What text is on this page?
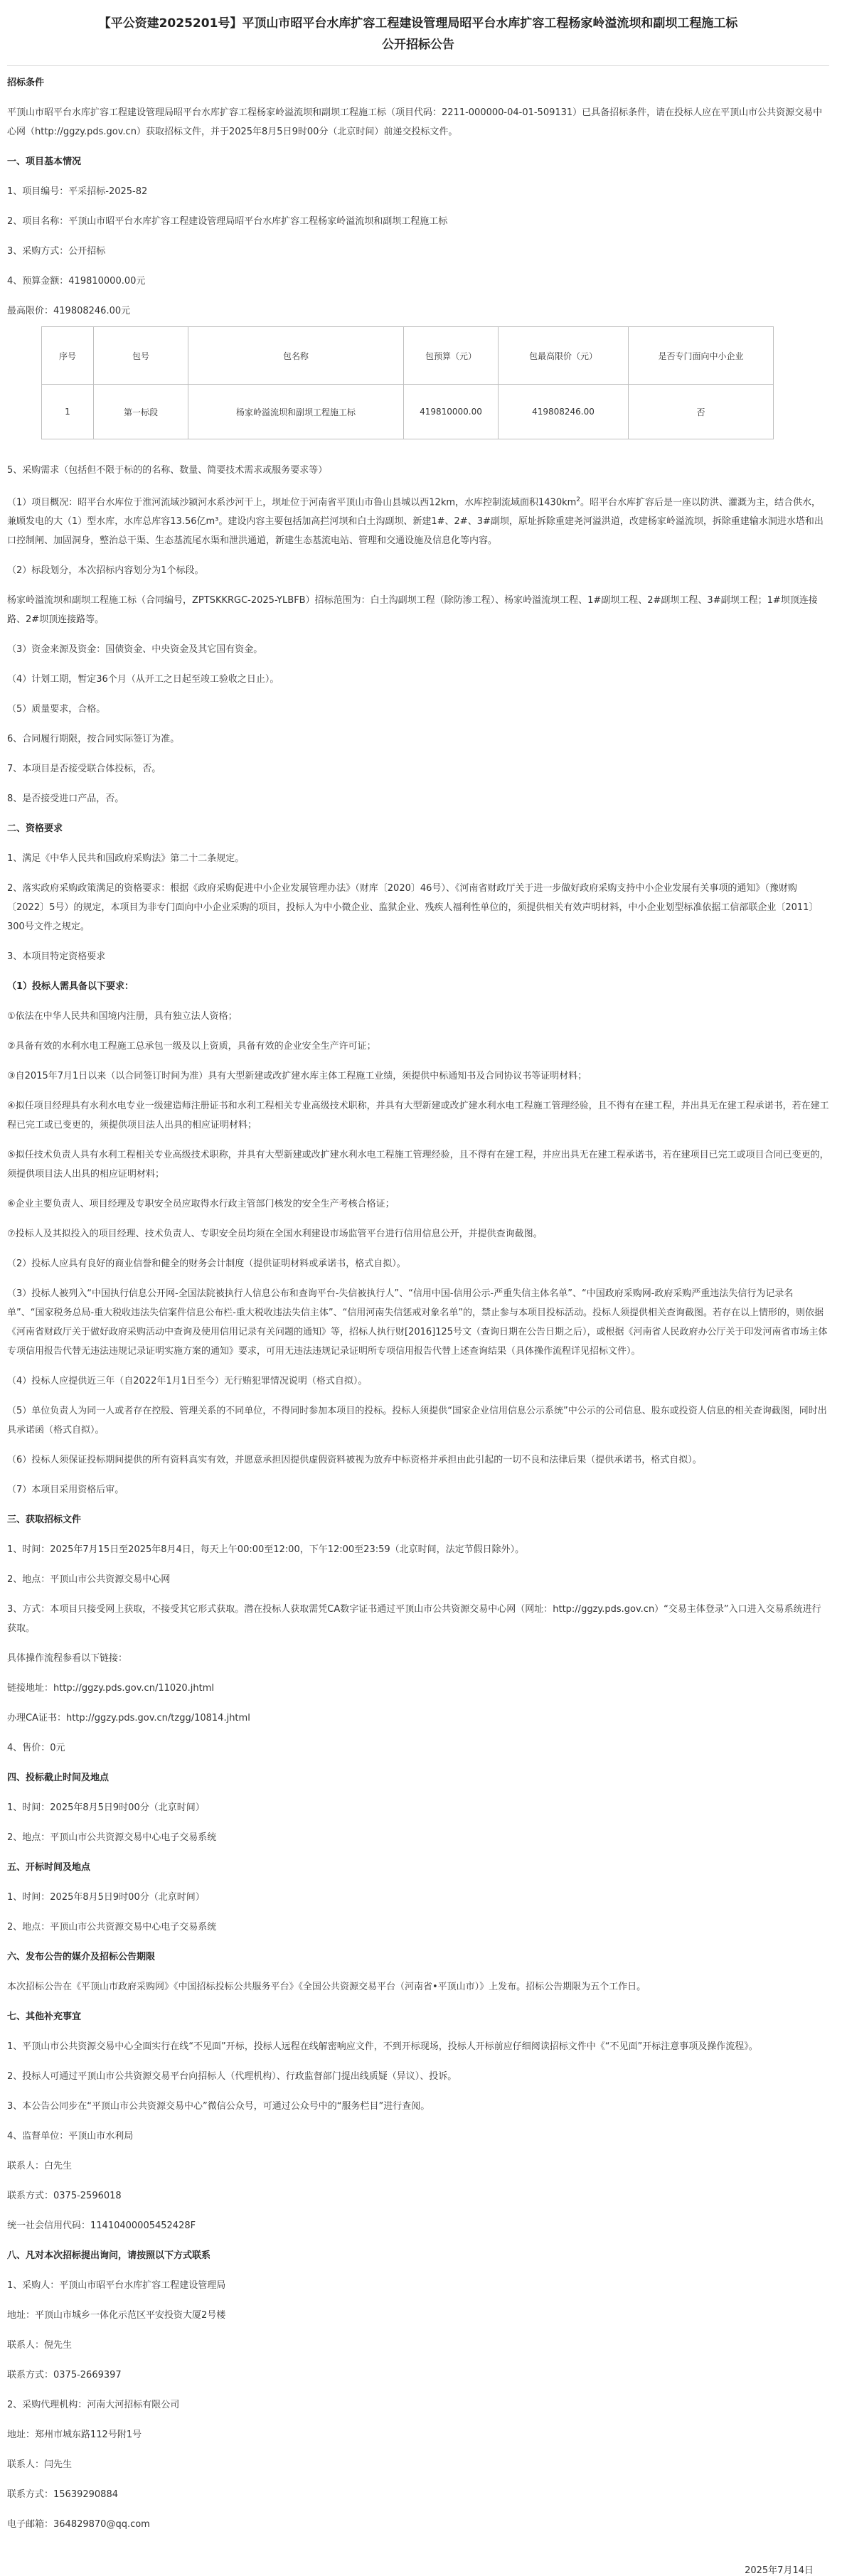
【平公资建2025201号】平顶山市昭平台水库扩容工程建设管理局昭平台水库扩容工程杨家岭溢流坝和副坝工程施工标
公开招标公告
招标条件
平顶山市昭平台水库扩容工程建设管理局昭平台水库扩容工程杨家岭溢流坝和副坝工程施工标（项目代码：2211-000000-04-01-509131）已具备招标条件，请在投标人应在平顶山市公共资源交易中心网（http://ggzy.pds.gov.cn）获取招标文件，并于2025年8月5日9时00分（北京时间）前递交投标文件。
一、项目基本情况
1、项目编号：平采招标-2025-82
2、项目名称：平顶山市昭平台水库扩容工程建设管理局昭平台水库扩容工程杨家岭溢流坝和副坝工程施工标
3、采购方式：公开招标
4、预算金额：419810000.00元
最高限价：419808246.00元
序号	包号	包名称	包预算（元）	包最高限价（元）	是否专门面向中小企业
1	第一标段	杨家岭溢流坝和副坝工程施工标	419810000.00	419808246.00	否
5、采购需求（包括但不限于标的的名称、数量、简要技术需求或服务要求等）
（1）项目概况：昭平台水库位于淮河流域沙颍河水系沙河干上，坝址位于河南省平顶山市鲁山县城以西12km，水库控制流域面积$1430km^2$。昭平台水库扩容后是一座以防洪、灌溉为主，结合供水，兼顾发电的大（1）型水库，水库总库容13.56亿m³。建设内容主要包括加高拦河坝和白土沟副坝、新建1#、2#、3#副坝，原址拆除重建尧河溢洪道，改建杨家岭溢流坝，拆除重建输水洞进水塔和出口控制闸、加固洞身，整治总干渠、生态基流尾水渠和泄洪通道，新建生态基流电站、管理和交通设施及信息化等内容。
（2）标段划分，本次招标内容划分为1个标段。
杨家岭溢流坝和副坝工程施工标（合同编号，ZPTSKKRGC-2025-YLBFB）招标范围为：白土沟副坝工程（除防渗工程）、杨家岭溢流坝工程、1#副坝工程、2#副坝工程、3#副坝工程；1#坝顶连接路、2#坝顶连接路等。
（3）资金来源及资金：国债资金、中央资金及其它国有资金。
（4）计划工期，暂定36个月（从开工之日起至竣工验收之日止）。
（5）质量要求，合格。
6、合同履行期限，按合同实际签订为准。
7、本项目是否接受联合体投标，否。
8、是否接受进口产品，否。
二、资格要求
1、满足《中华人民共和国政府采购法》第二十二条规定。
2、落实政府采购政策满足的资格要求：根据《政府采购促进中小企业发展管理办法》（财库〔2020〕46号）、《河南省财政厅关于进一步做好政府采购支持中小企业发展有关事项的通知》（豫财购〔2022〕5号）的规定，本项目为非专门面向中小企业采购的项目，投标人为中小微企业、监狱企业、残疾人福利性单位的，须提供相关有效声明材料，中小企业划型标准依据工信部联企业〔2011〕300号文件之规定。
3、本项目特定资格要求
（1）投标人需具备以下要求：
①依法在中华人民共和国境内注册，具有独立法人资格；
②具备有效的水利水电工程施工总承包一级及以上资质，具备有效的企业安全生产许可证；
③自2015年7月1日以来（以合同签订时间为准）具有大型新建或改扩建水库主体工程施工业绩，须提供中标通知书及合同协议书等证明材料；
④拟任项目经理具有水利水电专业一级建造师注册证书和水利工程相关专业高级技术职称，并具有大型新建或改扩建水利水电工程施工管理经验，且不得有在建工程，并出具无在建工程承诺书，若在建工程已完工或已变更的，须提供项目法人出具的相应证明材料；
⑤拟任技术负责人具有水利工程相关专业高级技术职称，并具有大型新建或改扩建水利水电工程施工管理经验，且不得有在建工程，并应出具无在建工程承诺书，若在建项目已完工或项目合同已变更的，须提供项目法人出具的相应证明材料；
⑥企业主要负责人、项目经理及专职安全员应取得水行政主管部门核发的安全生产考核合格证；
⑦投标人及其拟投入的项目经理、技术负责人、专职安全员均须在全国水利建设市场监管平台进行信用信息公开，并提供查询截图。
（2）投标人应具有良好的商业信誉和健全的财务会计制度（提供证明材料或承诺书，格式自拟）。
（3）投标人被列入“中国执行信息公开网-全国法院被执行人信息公布和查询平台-失信被执行人”、“信用中国-信用公示-严重失信主体名单”、“中国政府采购网-政府采购严重违法失信行为记录名单”、“国家税务总局-重大税收违法失信案件信息公布栏-重大税收违法失信主体”、“信用河南失信惩戒对象名单”的，禁止参与本项目投标活动。投标人须提供相关查询截图。若存在以上情形的，则依据《河南省财政厅关于做好政府采购活动中查询及使用信用记录有关问题的通知》等，招标人执行财[2016]125号文（查询日期在公告日期之后），或根据《河南省人民政府办公厅关于印发河南省市场主体专项信用报告代替无违法违规记录证明实施方案的通知》要求，可用无违法违规记录证明所专项信用报告代替上述查询结果（具体操作流程详见招标文件）。
（4）投标人应提供近三年（自2022年1月1日至今）无行贿犯罪情况说明（格式自拟）。
（5）单位负责人为同一人或者存在控股、管理关系的不同单位，不得同时参加本项目的投标。投标人须提供“国家企业信用信息公示系统”中公示的公司信息、股东或投资人信息的相关查询截图，同时出具承诺函（格式自拟）。
（6）投标人须保证投标期间提供的所有资料真实有效，并愿意承担因提供虚假资料被视为放弃中标资格并承担由此引起的一切不良和法律后果（提供承诺书，格式自拟）。
（7）本项目采用资格后审。
三、获取招标文件
1、时间：2025年7月15日至2025年8月4日，每天上午00:00至12:00，下午12:00至23:59（北京时间，法定节假日除外）。
2、地点：平顶山市公共资源交易中心网
3、方式：本项目只接受网上获取，不接受其它形式获取。潜在投标人获取需凭CA数字证书通过平顶山市公共资源交易中心网（网址：http://ggzy.pds.gov.cn）“交易主体登录”入口进入交易系统进行获取。
具体操作流程参看以下链接：
链接地址：http://ggzy.pds.gov.cn/11020.jhtml
办理CA证书：http://ggzy.pds.gov.cn/tzgg/10814.jhtml
4、售价：0元
四、投标截止时间及地点
1、时间：2025年8月5日9时00分（北京时间）
2、地点：平顶山市公共资源交易中心电子交易系统
五、开标时间及地点
1、时间：2025年8月5日9时00分（北京时间）
2、地点：平顶山市公共资源交易中心电子交易系统
六、发布公告的媒介及招标公告期限
本次招标公告在《平顶山市政府采购网》《中国招标投标公共服务平台》《全国公共资源交易平台（河南省•平顶山市）》上发布。招标公告期限为五个工作日。
七、其他补充事宜
1、平顶山市公共资源交易中心全面实行在线“不见面”开标，投标人远程在线解密响应文件，不到开标现场，投标人开标前应仔细阅读招标文件中《“不见面”开标注意事项及操作流程》。
2、投标人可通过平顶山市公共资源交易平台向招标人（代理机构）、行政监督部门提出线质疑（异议）、投诉。
3、本公告公同步在“平顶山市公共资源交易中心”微信公众号，可通过公众号中的“服务栏目”进行查阅。
4、监督单位：平顶山市水利局
联系人：白先生
联系方式：0375-2596018
统一社会信用代码：11410400005452428F
八、凡对本次招标提出询问，请按照以下方式联系
1、采购人：平顶山市昭平台水库扩容工程建设管理局
地址：平顶山市城乡一体化示范区平安投资大厦2号楼
联系人：倪先生
联系方式：0375-2669397
2、采购代理机构：河南大河招标有限公司
地址：郑州市城东路112号附1号
联系人：闫先生
联系方式：15639290884
电子邮箱：364829870@qq.com
2025年7月14日
